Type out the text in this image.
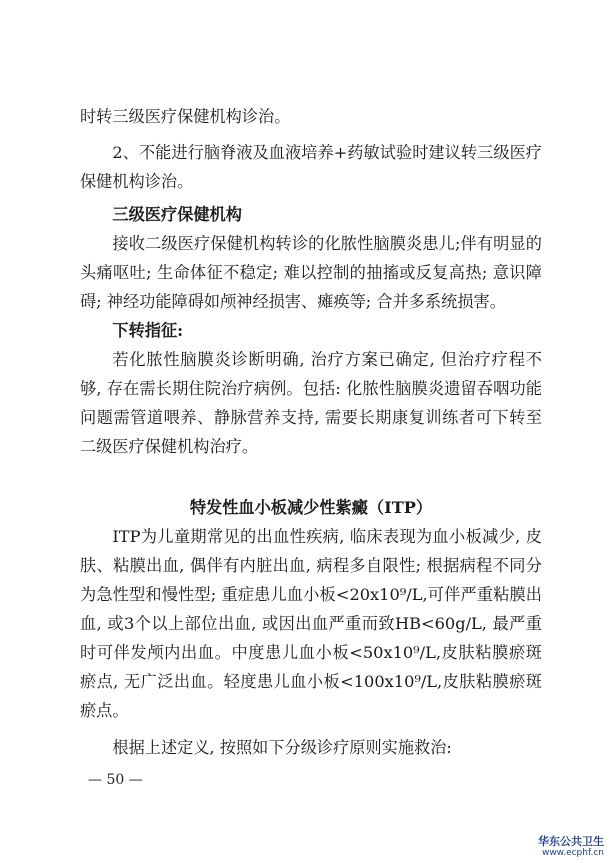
时转三级医疗保健机构诊治。

2、不能进行脑脊液及血液培养+药敏试验时建议转三级医疗保健机构诊治。

三级医疗保健机构

接收二级医疗保健机构转诊的化脓性脑膜炎患儿;伴有明显的头痛呕吐; 生命体征不稳定; 难以控制的抽搐或反复高热; 意识障碍; 神经功能障碍如颅神经损害、瘫痪等; 合并多系统损害。

下转指征:

若化脓性脑膜炎诊断明确, 治疗方案已确定, 但治疗疗程不够, 存在需长期住院治疗病例。包括: 化脓性脑膜炎遗留吞咽功能问题需管道喂养、静脉营养支持, 需要长期康复训练者可下转至二级医疗保健机构治疗。

特发性血小板减少性紫癜（ITP）

ITP为儿童期常见的出血性疾病, 临床表现为血小板减少, 皮肤、粘膜出血, 偶伴有内脏出血, 病程多自限性; 根据病程不同分为急性型和慢性型; 重症患儿血小板<20x10⁹/L,可伴严重粘膜出血, 或3个以上部位出血, 或因出血严重而致HB<60g/L, 最严重时可伴发颅内出血。中度患儿血小板<50x10⁹/L,皮肤粘膜瘀斑瘀点, 无广泛出血。轻度患儿血小板<100x10⁹/L,皮肤粘膜瘀斑瘀点。

根据上述定义, 按照如下分级诊疗原则实施救治:

— 50 —
华东公共卫生
www.ecphf.cn
